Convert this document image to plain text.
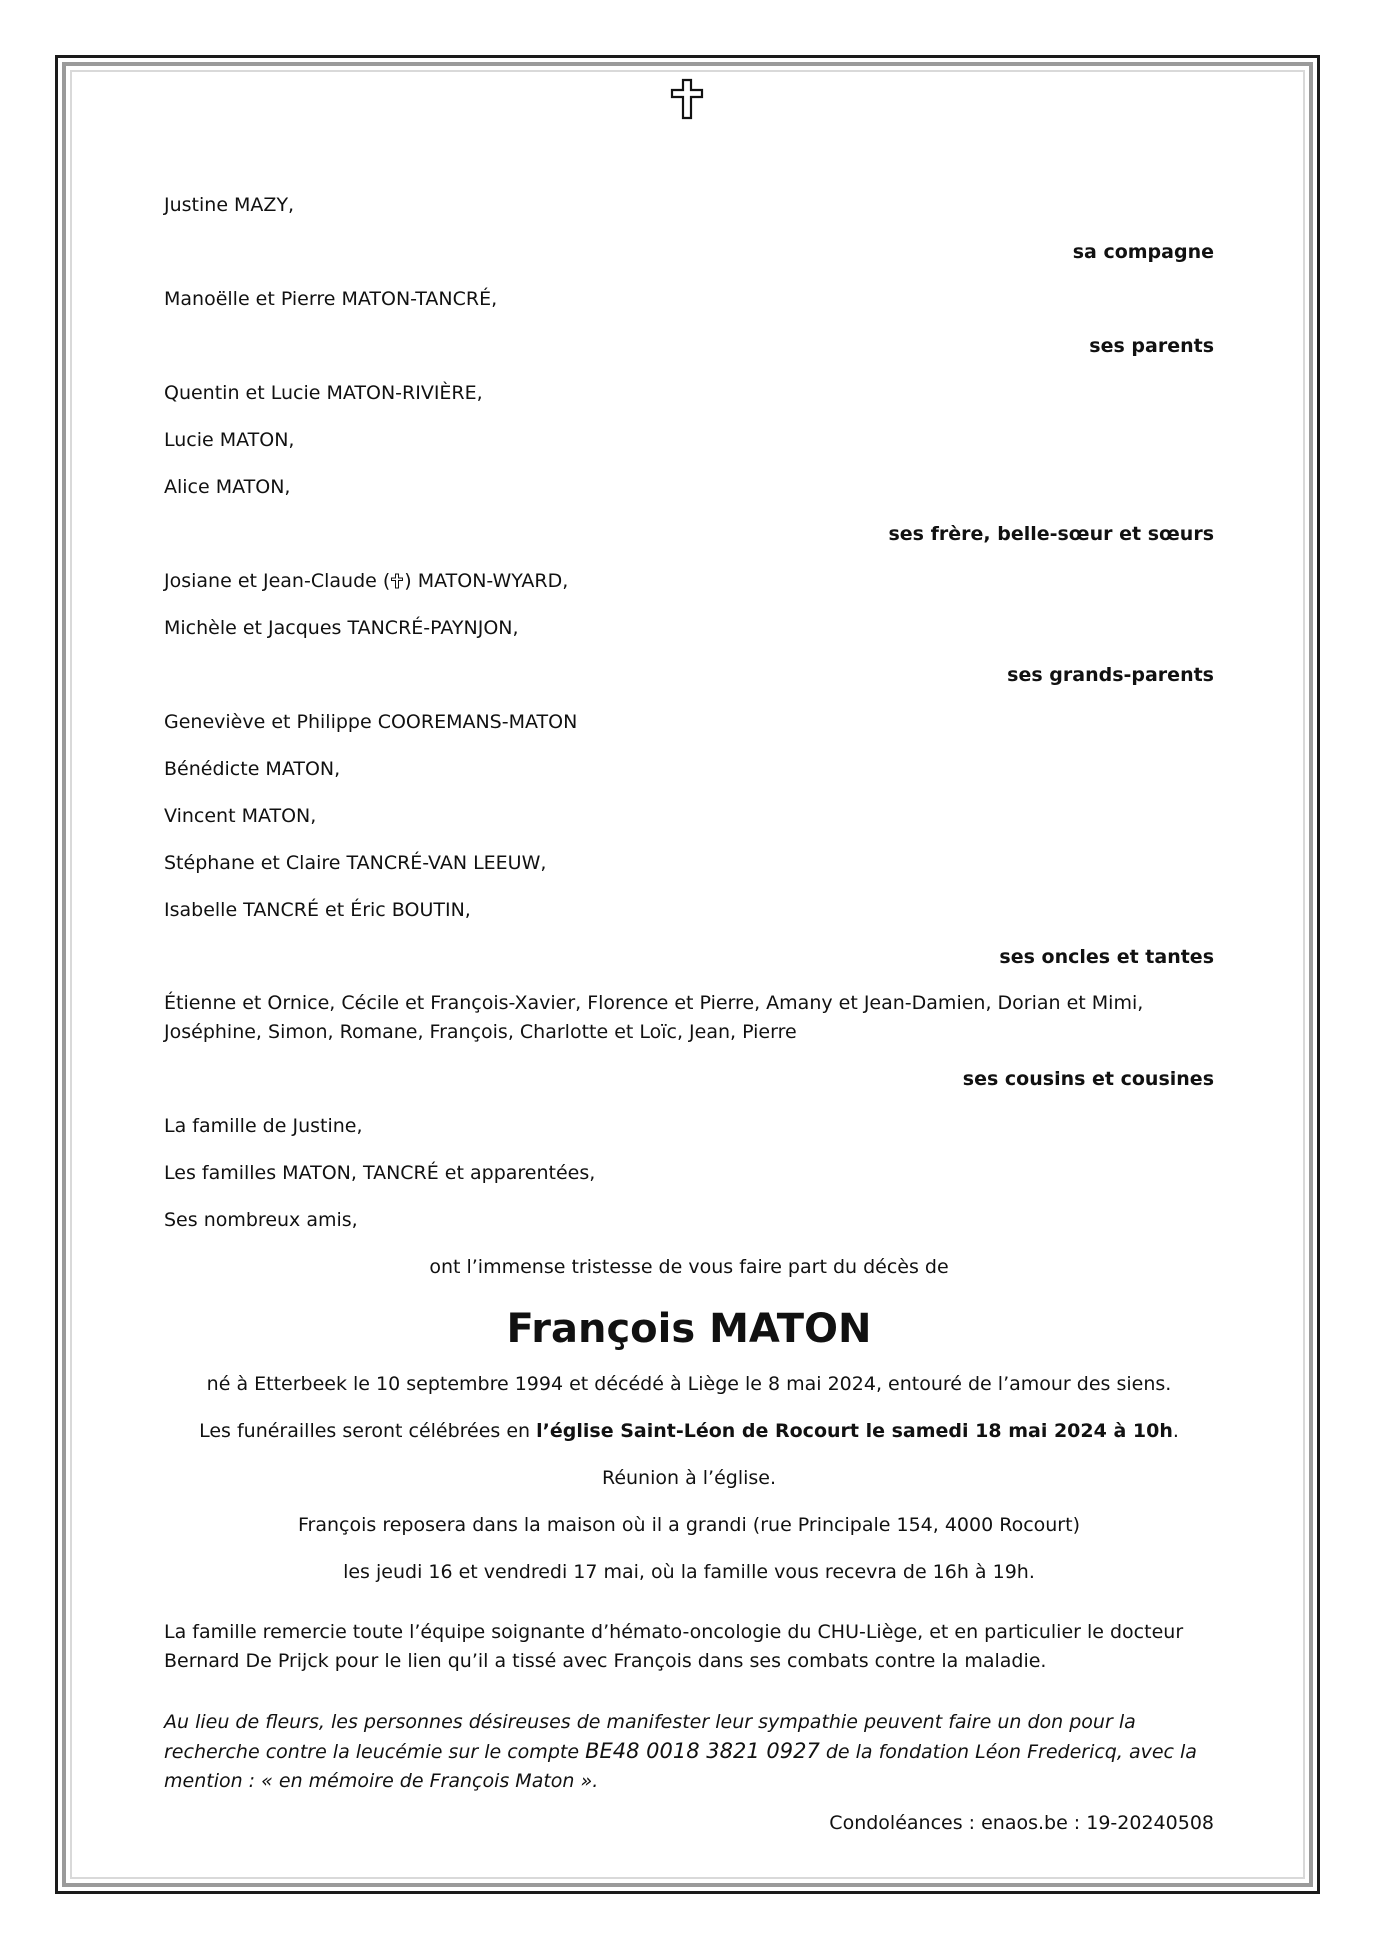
Justine MAZY,
sa compagne
Manoëlle et Pierre MATON-TANCRÉ,
ses parents
Quentin et Lucie MATON-RIVIÈRE,
Lucie MATON,
Alice MATON,
ses frère, belle-sœur et sœurs
Josiane et Jean-Claude ( ) MATON-WYARD,
Michèle et Jacques TANCRÉ-PAYNJON,
ses grands-parents
Geneviève et Philippe COOREMANS-MATON
Bénédicte MATON,
Vincent MATON,
Stéphane et Claire TANCRÉ-VAN LEEUW,
Isabelle TANCRÉ et Éric BOUTIN,
ses oncles et tantes
Étienne et Ornice, Cécile et François-Xavier, Florence et Pierre, Amany et Jean-Damien, Dorian et Mimi, Joséphine, Simon, Romane, François, Charlotte et Loïc, Jean, Pierre
ses cousins et cousines
La famille de Justine,
Les familles MATON, TANCRÉ et apparentées,
Ses nombreux amis,
ont l’immense tristesse de vous faire part du décès de
François MATON
né à Etterbeek le 10 septembre 1994 et décédé à Liège le 8 mai 2024, entouré de l’amour des siens.
Les funérailles seront célébrées en l’église Saint-Léon de Rocourt le samedi 18 mai 2024 à 10h.
Réunion à l’église.
François reposera dans la maison où il a grandi (rue Principale 154, 4000 Rocourt)
les jeudi 16 et vendredi 17 mai, où la famille vous recevra de 16h à 19h.
La famille remercie toute l’équipe soignante d’hémato-oncologie du CHU-Liège, et en particulier le docteur Bernard De Prijck pour le lien qu’il a tissé avec François dans ses combats contre la maladie.
Au lieu de fleurs, les personnes désireuses de manifester leur sympathie peuvent faire un don pour la recherche contre la leucémie sur le compte BE48 0018 3821 0927 de la fondation Léon Fredericq, avec la mention : « en mémoire de François Maton ».
Condoléances : enaos.be : 19-20240508
